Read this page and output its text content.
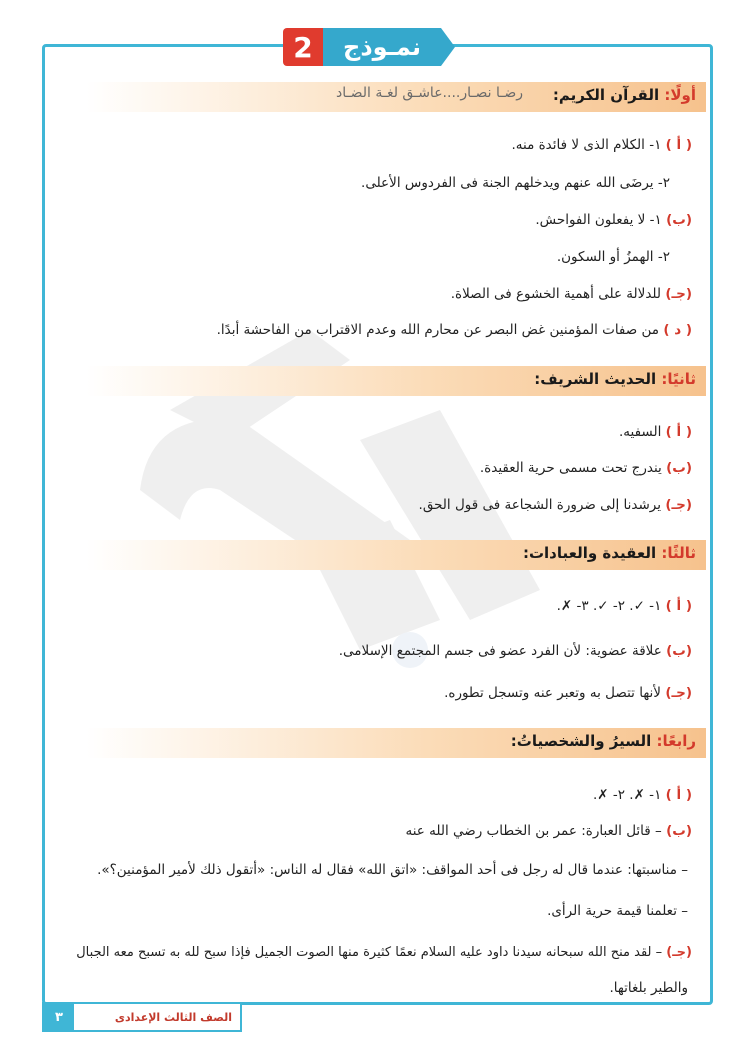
2	نمـوذج
أولًا: القرآن الكريم:
رضـا نصـار....عاشـق لغـة الضـاد
( أ ) ١- الكلام الذى لا فائدة منه.
٢- يرضَى الله عنهم ويدخلهم الجنة فى الفردوس الأعلى.
(ب) ١- لا يفعلون الفواحش.
٢- الهمزُ أو السكون.
(جـ) للدلالة على أهمية الخشوع فى الصلاة.
( د ) من صفات المؤمنين غض البصر عن محارم الله وعدم الاقتراب من الفاحشة أبدًا.
ثانيًا: الحديث الشريف:
( أ ) السفيه.
(ب) يندرج تحت مسمى حرية العقيدة.
(جـ) يرشدنا إلى ضرورة الشجاعة فى قول الحق.
ثالثًا: العقيدة والعبادات:
( أ ) ١- ✓. ٢- ✓. ٣- ✗.
(ب) علاقة عضوية: لأن الفرد عضو فى جسم المجتمع الإسلامى.
(جـ) لأنها تتصل به وتعبر عنه وتسجل تطوره.
رابعًا: السيرُ والشخصياتُ:
( أ ) ١- ✗. ٢- ✗.
(ب) – قائل العبارة: عمر بن الخطاب رضي الله عنه
– مناسبتها: عندما قال له رجل فى أحد المواقف: «اتق الله» فقال له الناس: «أتقول ذلك لأمير المؤمنين؟».
– تعلمنا قيمة حرية الرأى.
(جـ) – لقد منح الله سبحانه سيدنا داود عليه السلام نعمًا كثيرة منها الصوت الجميل فإذا سبح لله به تسبح معه الجبال
والطير بلغاتها.
الصف الثالث الإعدادى
٣
